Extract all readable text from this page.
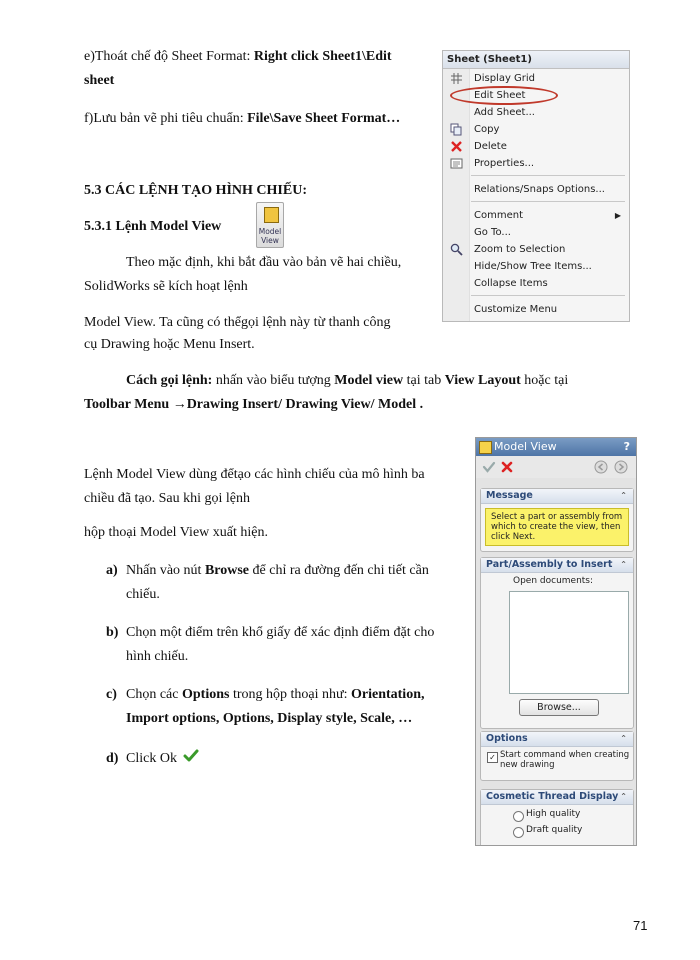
e)Thoát chế độ Sheet Format: Right click Sheet1\Edit

sheet

f)Lưu bản vẽ phi tiêu chuẩn: File\Save Sheet Format…

5.3 CÁC LỆNH TẠO HÌNH CHIẾU:

5.3.1 Lệnh Model View	Model
View

Theo mặc định, khi bắt đầu vào bản vẽ hai chiều,

SolidWorks sẽ kích hoạt lệnh

Model View. Ta cũng có thểgọi lệnh này từ thanh công

cụ Drawing hoặc Menu Insert.

Cách gọi lệnh: nhấn vào biểu tượng Model view tại tab View Layout hoặc tại

Toolbar Menu →Drawing Insert/ Drawing View/ Model .

Lệnh Model View dùng đểtạo các hình chiếu của mô hình ba

chiều đã tạo. Sau khi gọi lệnh

hộp thoại Model View xuất hiện.

a) Nhấn vào nút Browse để chỉ ra đường đến chi tiết cần

chiếu.

b) Chọn một điểm trên khổ giấy để xác định điểm đặt cho

hình chiếu.

c) Chọn các Options trong hộp thoại như: Orientation,

Import options, Options, Display style, Scale, …

d) Click Ok

Sheet (Sheet1)
Display Grid
Edit Sheet
Add Sheet...
Copy
Delete
Properties...
Relations/Snaps Options...
Comment	▶
Go To...
Zoom to Selection
Hide/Show Tree Items...
Collapse Items
Customize Menu
Model View	?
Message	⌃
Select a part or assembly from which to create the view, then click Next.
Part/Assembly to Insert ⌃
Open documents:
Browse...
Options	⌃
✓ Start command when creating new drawing
Cosmetic Thread Display ⌃
High quality
Draft quality
71
